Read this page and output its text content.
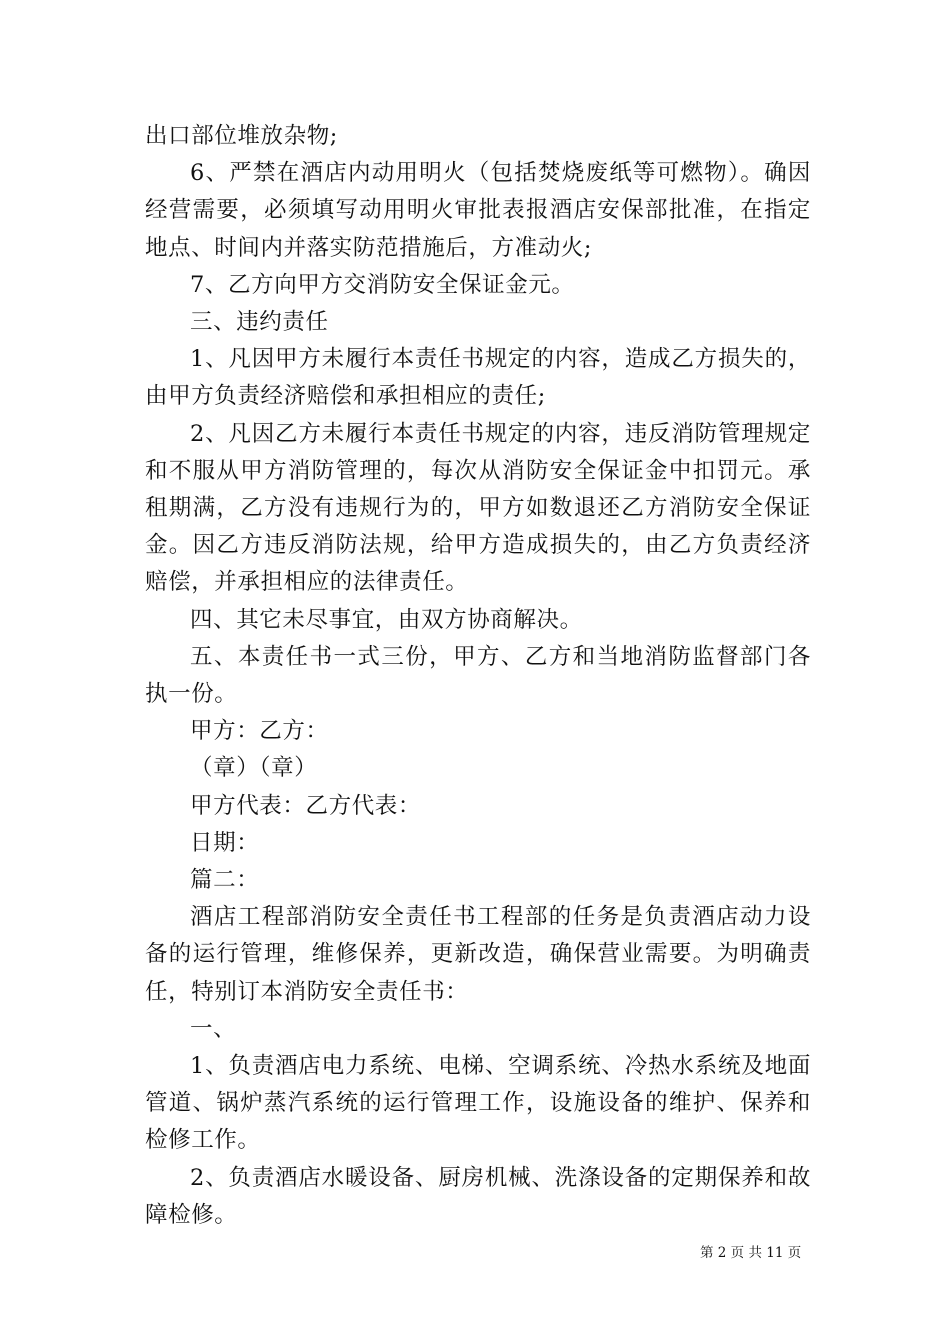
出口部位堆放杂物;

6、严禁在酒店内动用明火（包括焚烧废纸等可燃物）。确因经营需要，必须填写动用明火审批表报酒店安保部批准，在指定地点、时间内并落实防范措施后，方准动火;

7、乙方向甲方交消防安全保证金元。

三、违约责任

1、凡因甲方未履行本责任书规定的内容，造成乙方损失的，由甲方负责经济赔偿和承担相应的责任;

2、凡因乙方未履行本责任书规定的内容，违反消防管理规定和不服从甲方消防管理的，每次从消防安全保证金中扣罚元。承租期满，乙方没有违规行为的，甲方如数退还乙方消防安全保证金。因乙方违反消防法规，给甲方造成损失的，由乙方负责经济赔偿，并承担相应的法律责任。

四、其它未尽事宜，由双方协商解决。

五、本责任书一式三份，甲方、乙方和当地消防监督部门各执一份。

甲方：乙方：

（章）（章）

甲方代表：乙方代表：

日期：

篇二：

酒店工程部消防安全责任书工程部的任务是负责酒店动力设备的运行管理，维修保养，更新改造，确保营业需要。为明确责任，特别订本消防安全责任书：

一、

1、负责酒店电力系统、电梯、空调系统、冷热水系统及地面管道、锅炉蒸汽系统的运行管理工作，设施设备的维护、保养和检修工作。

2、负责酒店水暖设备、厨房机械、洗涤设备的定期保养和故障检修。

第 2 页 共 11 页
